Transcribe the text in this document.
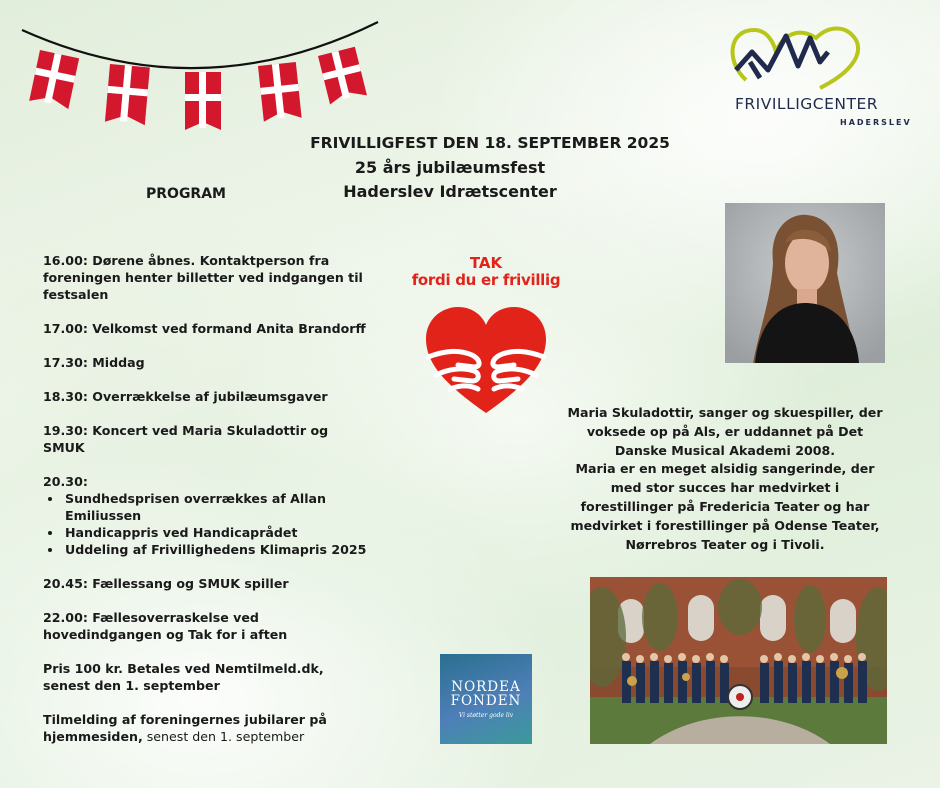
FRIVILLIGCENTER
HADERSLEV
FRIVILLIGFEST DEN 18. SEPTEMBER 2025
25 års jubilæumsfest
Haderslev Idrætscenter
PROGRAM
16.00: Dørene åbnes. Kontaktperson fra foreningen henter billetter ved indgangen til festsalen
17.00: Velkomst ved formand Anita Brandorff
17.30: Middag
18.30: Overrækkelse af jubilæumsgaver
19.30: Koncert ved Maria Skuladottir og SMUK
20.30:
• Sundhedsprisen overrækkes af Allan Emiliussen
• Handicappris ved Handicaprådet
• Uddeling af Frivillighedens Klimapris 2025
20.45: Fællessang og SMUK spiller
22.00: Fællesoverraskelse ved hovedindgangen og Tak for i aften
Pris 100 kr. Betales ved Nemtilmeld.dk, senest den 1. september
Tilmelding af foreningernes jubilarer på hjemmesiden, senest den 1. september
TAK
fordi du er frivillig

Maria Skuladottir, sanger og skuespiller, der voksede op på Als, er uddannet på Det Danske Musical Akademi 2008.

Maria er en meget alsidig sangerinde, der med stor succes har medvirket i forestillinger på Fredericia Teater og har medvirket i forestillinger på Odense Teater, Nørrebros Teater og i Tivoli.

NORDEA
FONDEN
Vi støtter gode liv
